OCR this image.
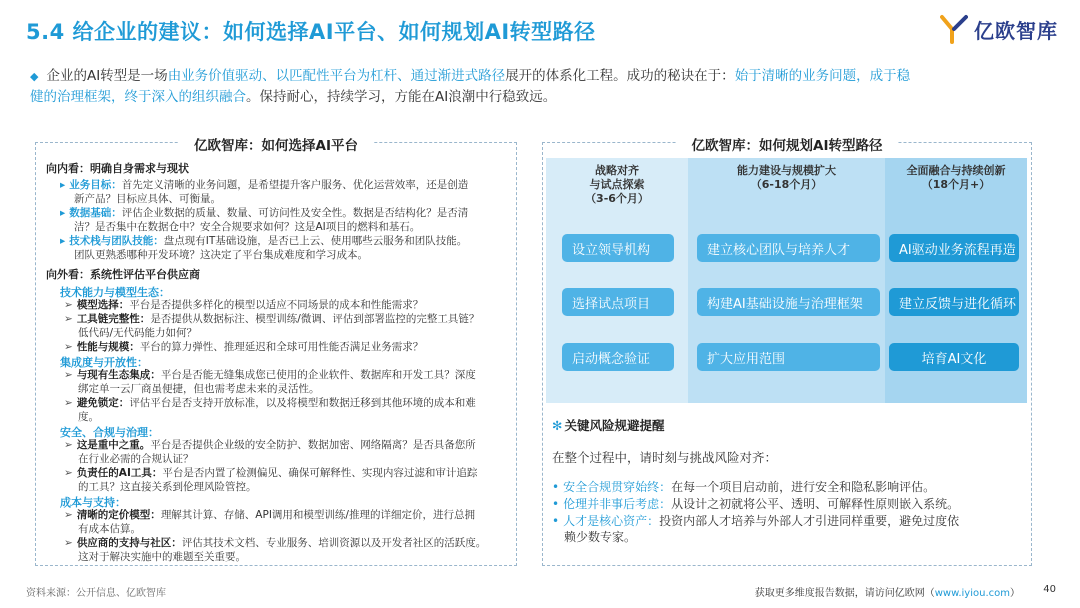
5.4 给企业的建议：如何选择AI平台、如何规划AI转型路径	亿欧智库
◆ 企业的AI转型是一场由业务价值驱动、以匹配性平台为杠杆、通过渐进式路径展开的体系化工程。成功的秘诀在于：始于清晰的业务问题，成于稳
健的治理框架，终于深入的组织融合。保持耐心，持续学习，方能在AI浪潮中行稳致远。
亿欧智库：如何选择AI平台
向内看：明确自身需求与现状
▸ 业务目标：首先定义清晰的业务问题，是希望提升客户服务、优化运营效率，还是创造
新产品？目标应具体、可衡量。
▸ 数据基础：评估企业数据的质量、数量、可访问性及安全性。数据是否结构化？是否清
洁？是否集中在数据仓中？安全合规要求如何？这是AI项目的燃料和基石。
▸ 技术栈与团队技能：盘点现有IT基础设施，是否已上云、使用哪些云服务和团队技能。
团队更熟悉哪种开发环境？这决定了平台集成难度和学习成本。
向外看：系统性评估平台供应商
技术能力与模型生态：
➢ 模型选择：平台是否提供多样化的模型以适应不同场景的成本和性能需求？
➢ 工具链完整性：是否提供从数据标注、模型训练/微调、评估到部署监控的完整工具链？
低代码/无代码能力如何？
➢ 性能与规模：平台的算力弹性、推理延迟和全球可用性能否满足业务需求？
集成度与开放性：
➢ 与现有生态集成：平台是否能无缝集成您已使用的企业软件、数据库和开发工具？深度
绑定单一云厂商虽便捷，但也需考虑未来的灵活性。
➢ 避免锁定：评估平台是否支持开放标准，以及将模型和数据迁移到其他环境的成本和难
度。
安全、合规与治理：
➢ 这是重中之重。平台是否提供企业级的安全防护、数据加密、网络隔离？是否具备您所
在行业必需的合规认证？
➢ 负责任的AI工具：平台是否内置了检测偏见、确保可解释性、实现内容过滤和审计追踪
的工具？这直接关系到伦理风险管控。
成本与支持：
➢ 清晰的定价模型：理解其计算、存储、API调用和模型训练/推理的详细定价，进行总拥
有成本估算。
➢ 供应商的支持与社区：评估其技术文档、专业服务、培训资源以及开发者社区的活跃度。
这对于解决实施中的难题至关重要。
亿欧智库：如何规划AI转型路径
战略对齐
与试点探索
（3-6个月）
能力建设与规模扩大
（6-18个月）
全面融合与持续创新
（18个月+）
设立领导机构
选择试点项目
启动概念验证
建立核心团队与培养人才
构建AI基础设施与治理框架
扩大应用范围
AI驱动业务流程再造
建立反馈与进化循环
培育AI文化
✻ 关键风险规避提醒
在整个过程中，请时刻与挑战风险对齐：
• 安全合规贯穿始终：在每一个项目启动前，进行安全和隐私影响评估。
• 伦理并非事后考虑：从设计之初就将公平、透明、可解释性原则嵌入系统。
• 人才是核心资产：投资内部人才培养与外部人才引进同样重要，避免过度依
赖少数专家。
资料来源：公开信息、亿欧智库	获取更多维度报告数据，请访问亿欧网（www.iyiou.com） 40
